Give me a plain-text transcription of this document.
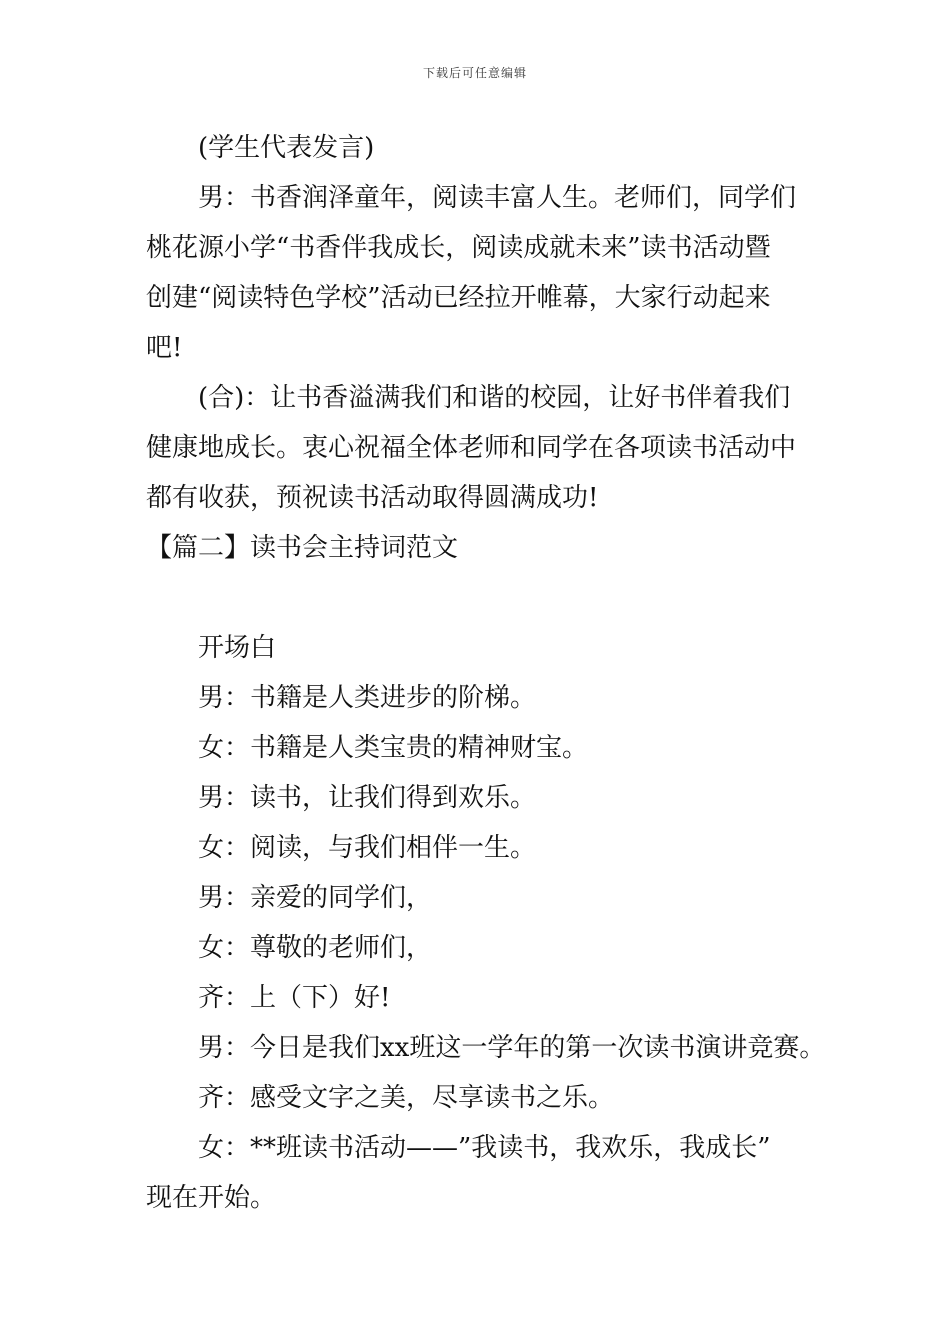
下载后可任意编辑
(学生代表发言)
男：书香润泽童年，阅读丰富人生。老师们，同学们
桃花源小学“书香伴我成长，阅读成就未来”读书活动暨
创建“阅读特色学校”活动已经拉开帷幕，大家行动起来
吧!
(合)：让书香溢满我们和谐的校园，让好书伴着我们
健康地成长。衷心祝福全体老师和同学在各项读书活动中
都有收获，预祝读书活动取得圆满成功!
【篇二】读书会主持词范文
开场白
男：书籍是人类进步的阶梯。
女：书籍是人类宝贵的精神财宝。
男：读书，让我们得到欢乐。
女：阅读，与我们相伴一生。
男：亲爱的同学们，
女：尊敬的老师们，
齐：上（下）好!
男：今日是我们xx班这一学年的第一次读书演讲竞赛。
齐：感受文字之美，尽享读书之乐。
女：**班读书活动——”我读书，我欢乐，我成长”
现在开始。
